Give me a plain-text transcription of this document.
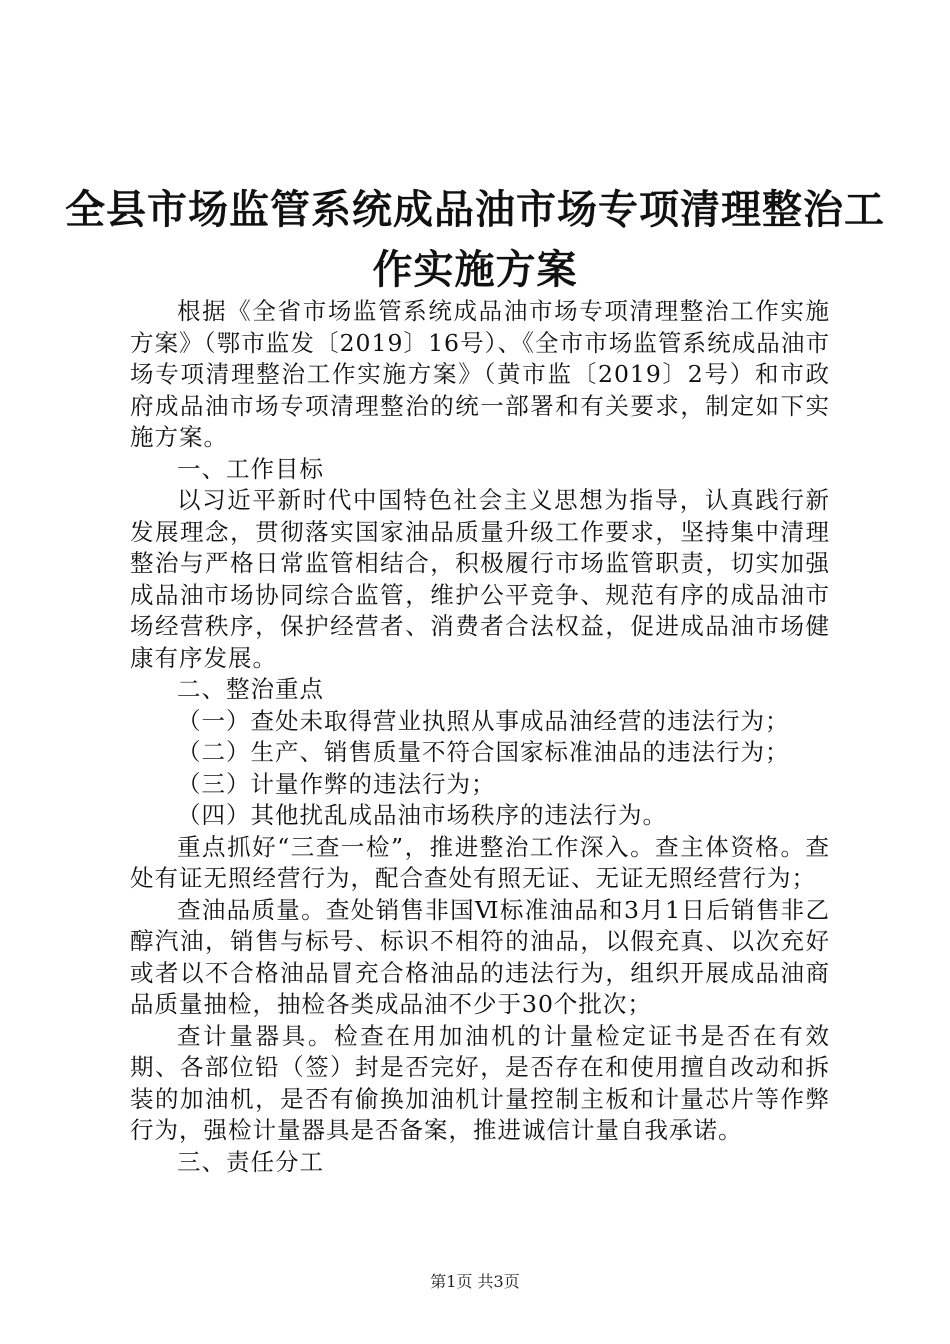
全县市场监管系统成品油市场专项清理整治工
作实施方案

根据《全省市场监管系统成品油市场专项清理整治工作实施方案》（鄂市监发〔2019〕16号）、《全市市场监管系统成品油市场专项清理整治工作实施方案》（黄市监〔2019〕2号）和市政府成品油市场专项清理整治的统一部署和有关要求，制定如下实施方案。

一、工作目标

以习近平新时代中国特色社会主义思想为指导，认真践行新发展理念，贯彻落实国家油品质量升级工作要求，坚持集中清理整治与严格日常监管相结合，积极履行市场监管职责，切实加强成品油市场协同综合监管，维护公平竞争、规范有序的成品油市场经营秩序，保护经营者、消费者合法权益，促进成品油市场健康有序发展。

二、整治重点

（一）查处未取得营业执照从事成品油经营的违法行为；

（二）生产、销售质量不符合国家标准油品的违法行为；

（三）计量作弊的违法行为；

（四）其他扰乱成品油市场秩序的违法行为。

重点抓好“三查一检”，推进整治工作深入。查主体资格。查处有证无照经营行为，配合查处有照无证、无证无照经营行为；

查油品质量。查处销售非国Ⅵ标准油品和3月1日后销售非乙醇汽油，销售与标号、标识不相符的油品，以假充真、以次充好或者以不合格油品冒充合格油品的违法行为，组织开展成品油商品质量抽检，抽检各类成品油不少于30个批次；

查计量器具。检查在用加油机的计量检定证书是否在有效期、各部位铅（签）封是否完好，是否存在和使用擅自改动和拆装的加油机，是否有偷换加油机计量控制主板和计量芯片等作弊行为，强检计量器具是否备案，推进诚信计量自我承诺。

三、责任分工

第1页 共3页
